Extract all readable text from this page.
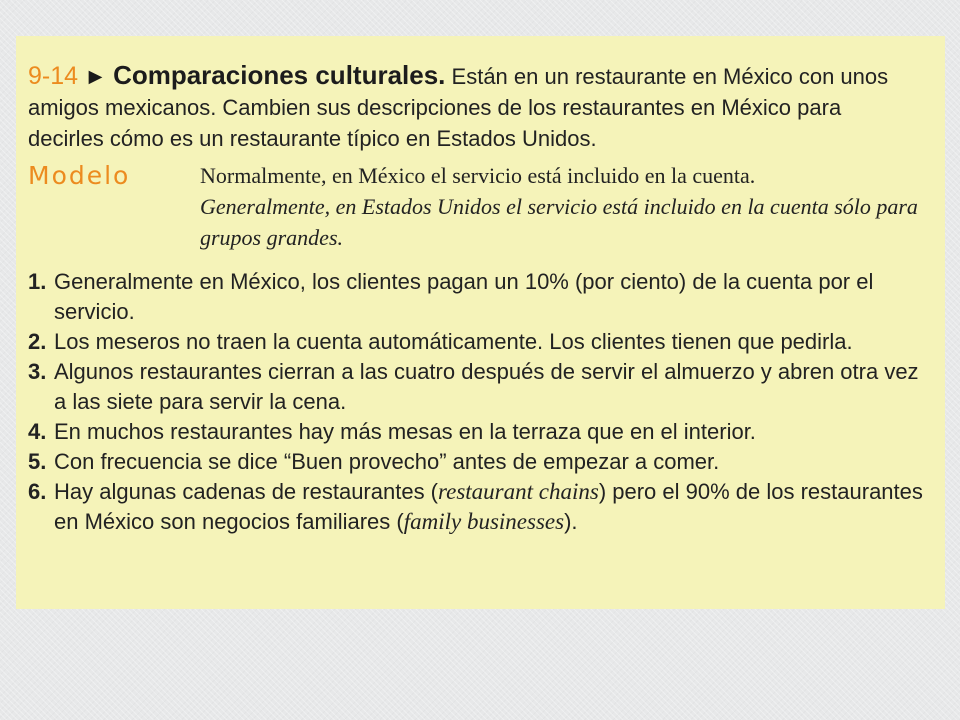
9-14 ► Comparaciones culturales. Están en un restaurante en México con unos amigos mexicanos. Cambien sus descripciones de los restaurantes en México para decirles cómo es un restaurante típico en Estados Unidos.

Modelo	Normalmente, en México el servicio está incluido en la cuenta.
Generalmente, en Estados Unidos el servicio está incluido en la cuenta sólo para grupos grandes.
1. Generalmente en México, los clientes pagan un 10% (por ciento) de la cuenta por el servicio.
2. Los meseros no traen la cuenta automáticamente. Los clientes tienen que pedirla.
3. Algunos restaurantes cierran a las cuatro después de servir el almuerzo y abren otra vez a las siete para servir la cena.
4. En muchos restaurantes hay más mesas en la terraza que en el interior.
5. Con frecuencia se dice “Buen provecho” antes de empezar a comer.
6. Hay algunas cadenas de restaurantes (restaurant chains) pero el 90% de los restaurantes en México son negocios familiares (family businesses).
